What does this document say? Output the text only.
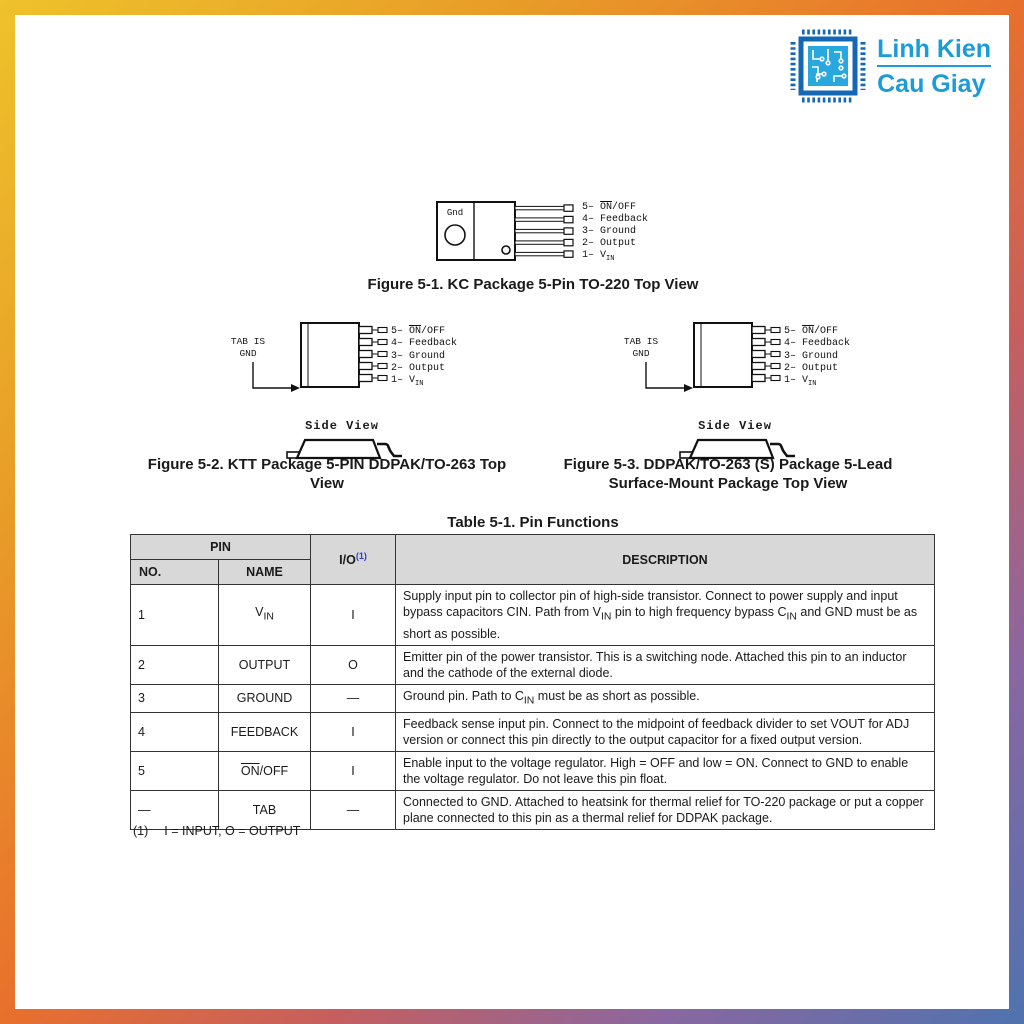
Linh Kien
Cau Giay
Gnd	5– $\overline{ON}$/OFF
4– Feedback
3– Ground
2– Output
1– $V_{IN}$
Figure 5-1. KC Package 5-Pin TO-220 Top View
TAB IS
GND
5– $\overline{ON}$/OFF
4– Feedback
3– Ground
2– Output
1– $V_{IN}$
Side View
Figure 5-2. KTT Package 5-PIN DDPAK/TO-263 Top
View
TAB IS
GND
5– $\overline{ON}$/OFF
4– Feedback
3– Ground
2– Output
1– $V_{IN}$
Side View
Figure 5-3. DDPAK/TO-263 (S) Package 5-Lead
Surface-Mount Package Top View
Table 5-1. Pin Functions
PIN		$I/O^{(1)}$	DESCRIPTION
NO.	NAME		
1	$V_{IN}$	I	Supply input pin to collector pin of high-side transistor. Connect to power supply and input bypass capacitors CIN. Path from $V_{IN}$ pin to high frequency bypass $C_{IN}$ and GND must be as short as possible.
2	OUTPUT	O	Emitter pin of the power transistor. This is a switching node. Attached this pin to an inductor and the cathode of the external diode.
3	GROUND	—	Ground pin. Path to $C_{IN}$ must be as short as possible.
4	FEEDBACK	I	Feedback sense input pin. Connect to the midpoint of feedback divider to set VOUT for ADJ version or connect this pin directly to the output capacitor for a fixed output version.
5	$\overline{ON}$/OFF	I	Enable input to the voltage regulator. High = OFF and low = ON. Connect to GND to enable the voltage regulator. Do not leave this pin float.
—	TAB	—	Connected to GND. Attached to heatsink for thermal relief for TO-220 package or put a copper plane connected to this pin as a thermal relief for DDPAK package.
(1) I = INPUT, O = OUTPUT
